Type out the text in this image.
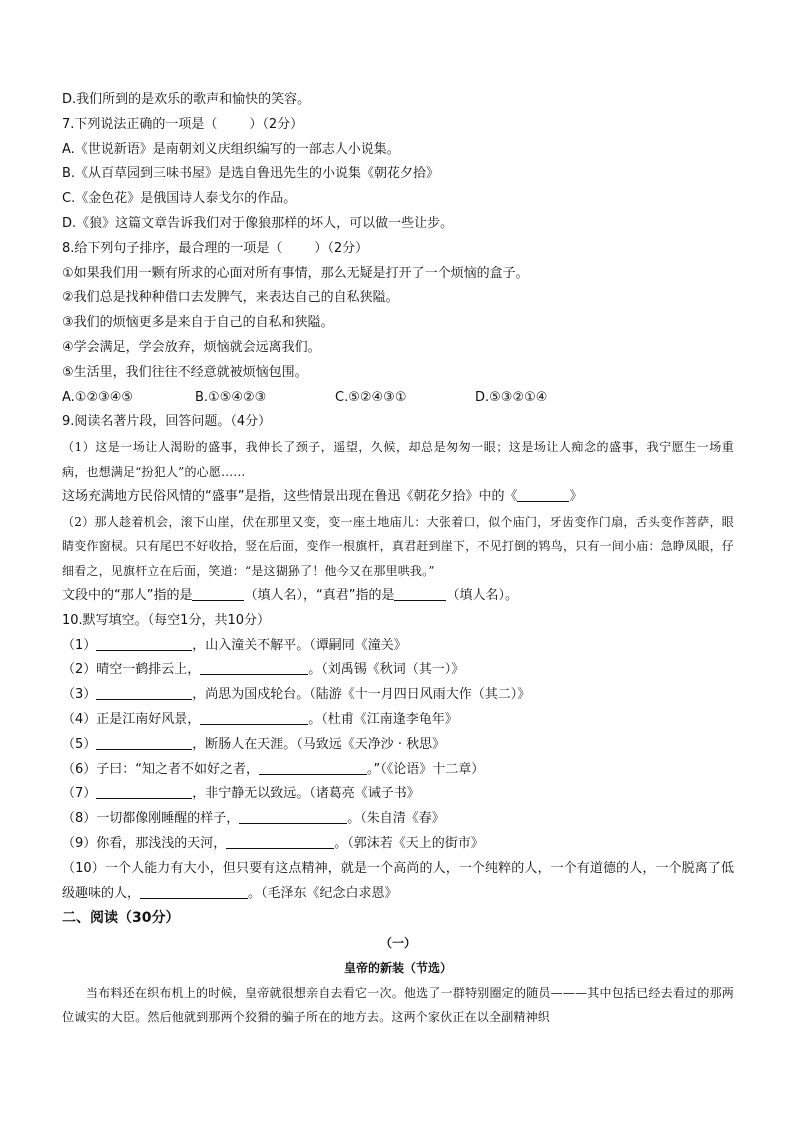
D.我们所到的是欢乐的歌声和愉快的笑容。
7.下列说法正确的一项是（ ）（2分）
A.《世说新语》是南朝刘义庆组织编写的一部志人小说集。
B.《从百草园到三味书屋》是选自鲁迅先生的小说集《朝花夕拾》
C.《金色花》是俄国诗人泰戈尔的作品。
D.《狼》这篇文章告诉我们对于像狼那样的坏人，可以做一些让步。
8.给下列句子排序，最合理的一项是（ ）（2分）
①如果我们用一颗有所求的心面对所有事情，那么无疑是打开了一个烦恼的盒子。
②我们总是找种种借口去发脾气，来表达自己的自私狭隘。
③我们的烦恼更多是来自于自己的自私和狭隘。
④学会满足，学会放弃，烦恼就会远离我们。
⑤生活里，我们往往不经意就被烦恼包围。
A.①②③④⑤	B.①⑤④②③	C.⑤②④③①	D.⑤③②①④
9.阅读名著片段，回答问题。（4分）
（1）这是一场让人渴盼的盛事，我伸长了颈子，遥望，久候，却总是匆匆一眼；这是场让人痴念的盛事，我宁愿生一场重病，也想满足“扮犯人”的心愿……
这场充满地方民俗风情的“盛事”是指，这些情景出现在鲁迅《朝花夕拾》中的《	》
（2）那人趁着机会，滚下山崖，伏在那里又变，变一座土地庙儿：大张着口，似个庙门，牙齿变作门扇，舌头变作菩萨，眼睛变作窗棂。只有尾巴不好收拾，竖在后面，变作一根旗杆，真君赶到崖下，不见打倒的鸨鸟，只有一间小庙：急睁凤眼，仔细看之，见旗杆立在后面，笑道：“是这猢狲了！他今又在那里哄我。”
文段中的“那人”指的是	（填人名），“真君”指的是	（填人名）。
10.默写填空。（每空1分，共10分）
（1）	，山入潼关不解平。（谭嗣同《潼关》
（2）晴空一鹤排云上，	。（刘禹锡《秋词（其一）》
（3）	，尚思为国戍轮台。（陆游《十一月四日风雨大作（其二）》
（4）正是江南好风景，	。（杜甫《江南逢李龟年》
（5）	，断肠人在天涯。（马致远《天净沙 · 秋思》
（6）子曰：“知之者不如好之者，	。”（《论语》十二章）
（7）	，非宁静无以致远。（诸葛亮《诫子书》
（8）一切都像刚睡醒的样子，	。（朱自清《春》
（9）你看，那浅浅的天河，	。（郭沫若《天上的街市》
（10）一个人能力有大小，但只要有这点精神，就是一个高尚的人，一个纯粹的人，一个有道德的人，一个脱离了低级趣味的人，	。（毛泽东《纪念白求恩》
二、阅读（30分）
（一）
皇帝的新装（节选）
当布料还在织布机上的时候，皇帝就很想亲自去看它一次。他选了一群特别圈定的随员———其中包括已经去看过的那两位诚实的大臣。然后他就到那两个狡猾的骗子所在的地方去。这两个家伙正在以全副精神织
